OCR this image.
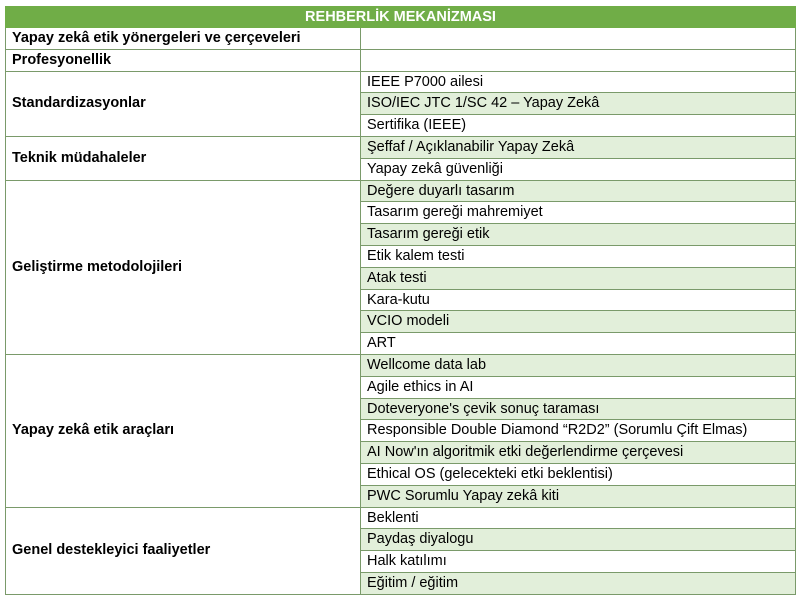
REHBERLİK MEKANİZMASI	
Yapay zekâ etik yönergeleri ve çerçeveleri	
Profesyonellik	
Standardizasyonlar	IEEE P7000 ailesi
	ISO/IEC JTC 1/SC 42 – Yapay Zekâ
	Sertifika (IEEE)
Teknik müdahaleler	Şeffaf / Açıklanabilir Yapay Zekâ
	Yapay zekâ güvenliği
Geliştirme metodolojileri	Değere duyarlı tasarım
	Tasarım gereği mahremiyet
	Tasarım gereği etik
	Etik kalem testi
	Atak testi
	Kara-kutu
	VCIO modeli
	ART
Yapay zekâ etik araçları	Wellcome data lab
	Agile ethics in AI
	Doteveryone's çevik sonuç taraması
	Responsible Double Diamond “R2D2” (Sorumlu Çift Elmas)
	AI Now'ın algoritmik etki değerlendirme çerçevesi
	Ethical OS (gelecekteki etki beklentisi)
	PWC Sorumlu Yapay zekâ kiti
Genel destekleyici faaliyetler	Beklenti
	Paydaş diyalogu
	Halk katılımı
	Eğitim / eğitim
